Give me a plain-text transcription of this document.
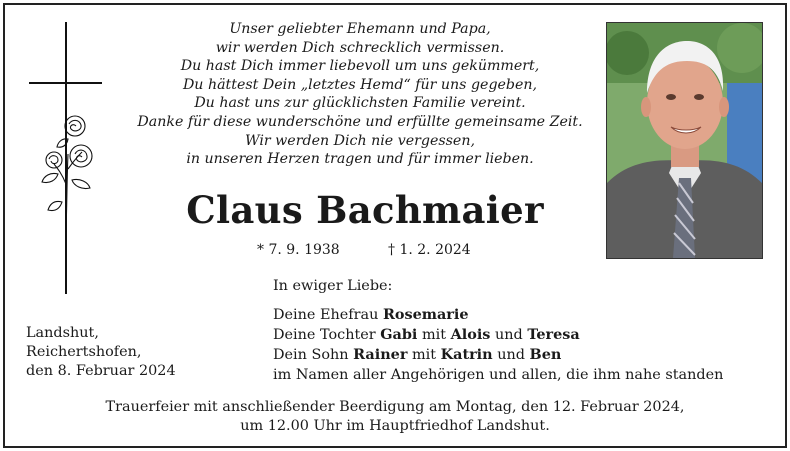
Unser geliebter Ehemann und Papa,
wir werden Dich schrecklich vermissen.
Du hast Dich immer liebevoll um uns gekümmert,
Du hättest Dein „letztes Hemd“ für uns gegeben,
Du hast uns zur glücklichsten Familie vereint.
Danke für diese wunderschöne und erfüllte gemeinsame Zeit.
Wir werden Dich nie vergessen,
in unseren Herzen tragen und für immer lieben.
Claus Bachmaier
* 7. 9. 1938	† 1. 2. 2024
In ewiger Liebe:
Deine Ehefrau Rosemarie
Deine Tochter Gabi mit Alois und Teresa
Dein Sohn Rainer mit Katrin und Ben
im Namen aller Angehörigen und allen, die ihm nahe standen
Landshut,
Reichertshofen,
den 8. Februar 2024
Trauerfeier mit anschließender Beerdigung am Montag, den 12. Februar 2024,
um 12.00 Uhr im Hauptfriedhof Landshut.
